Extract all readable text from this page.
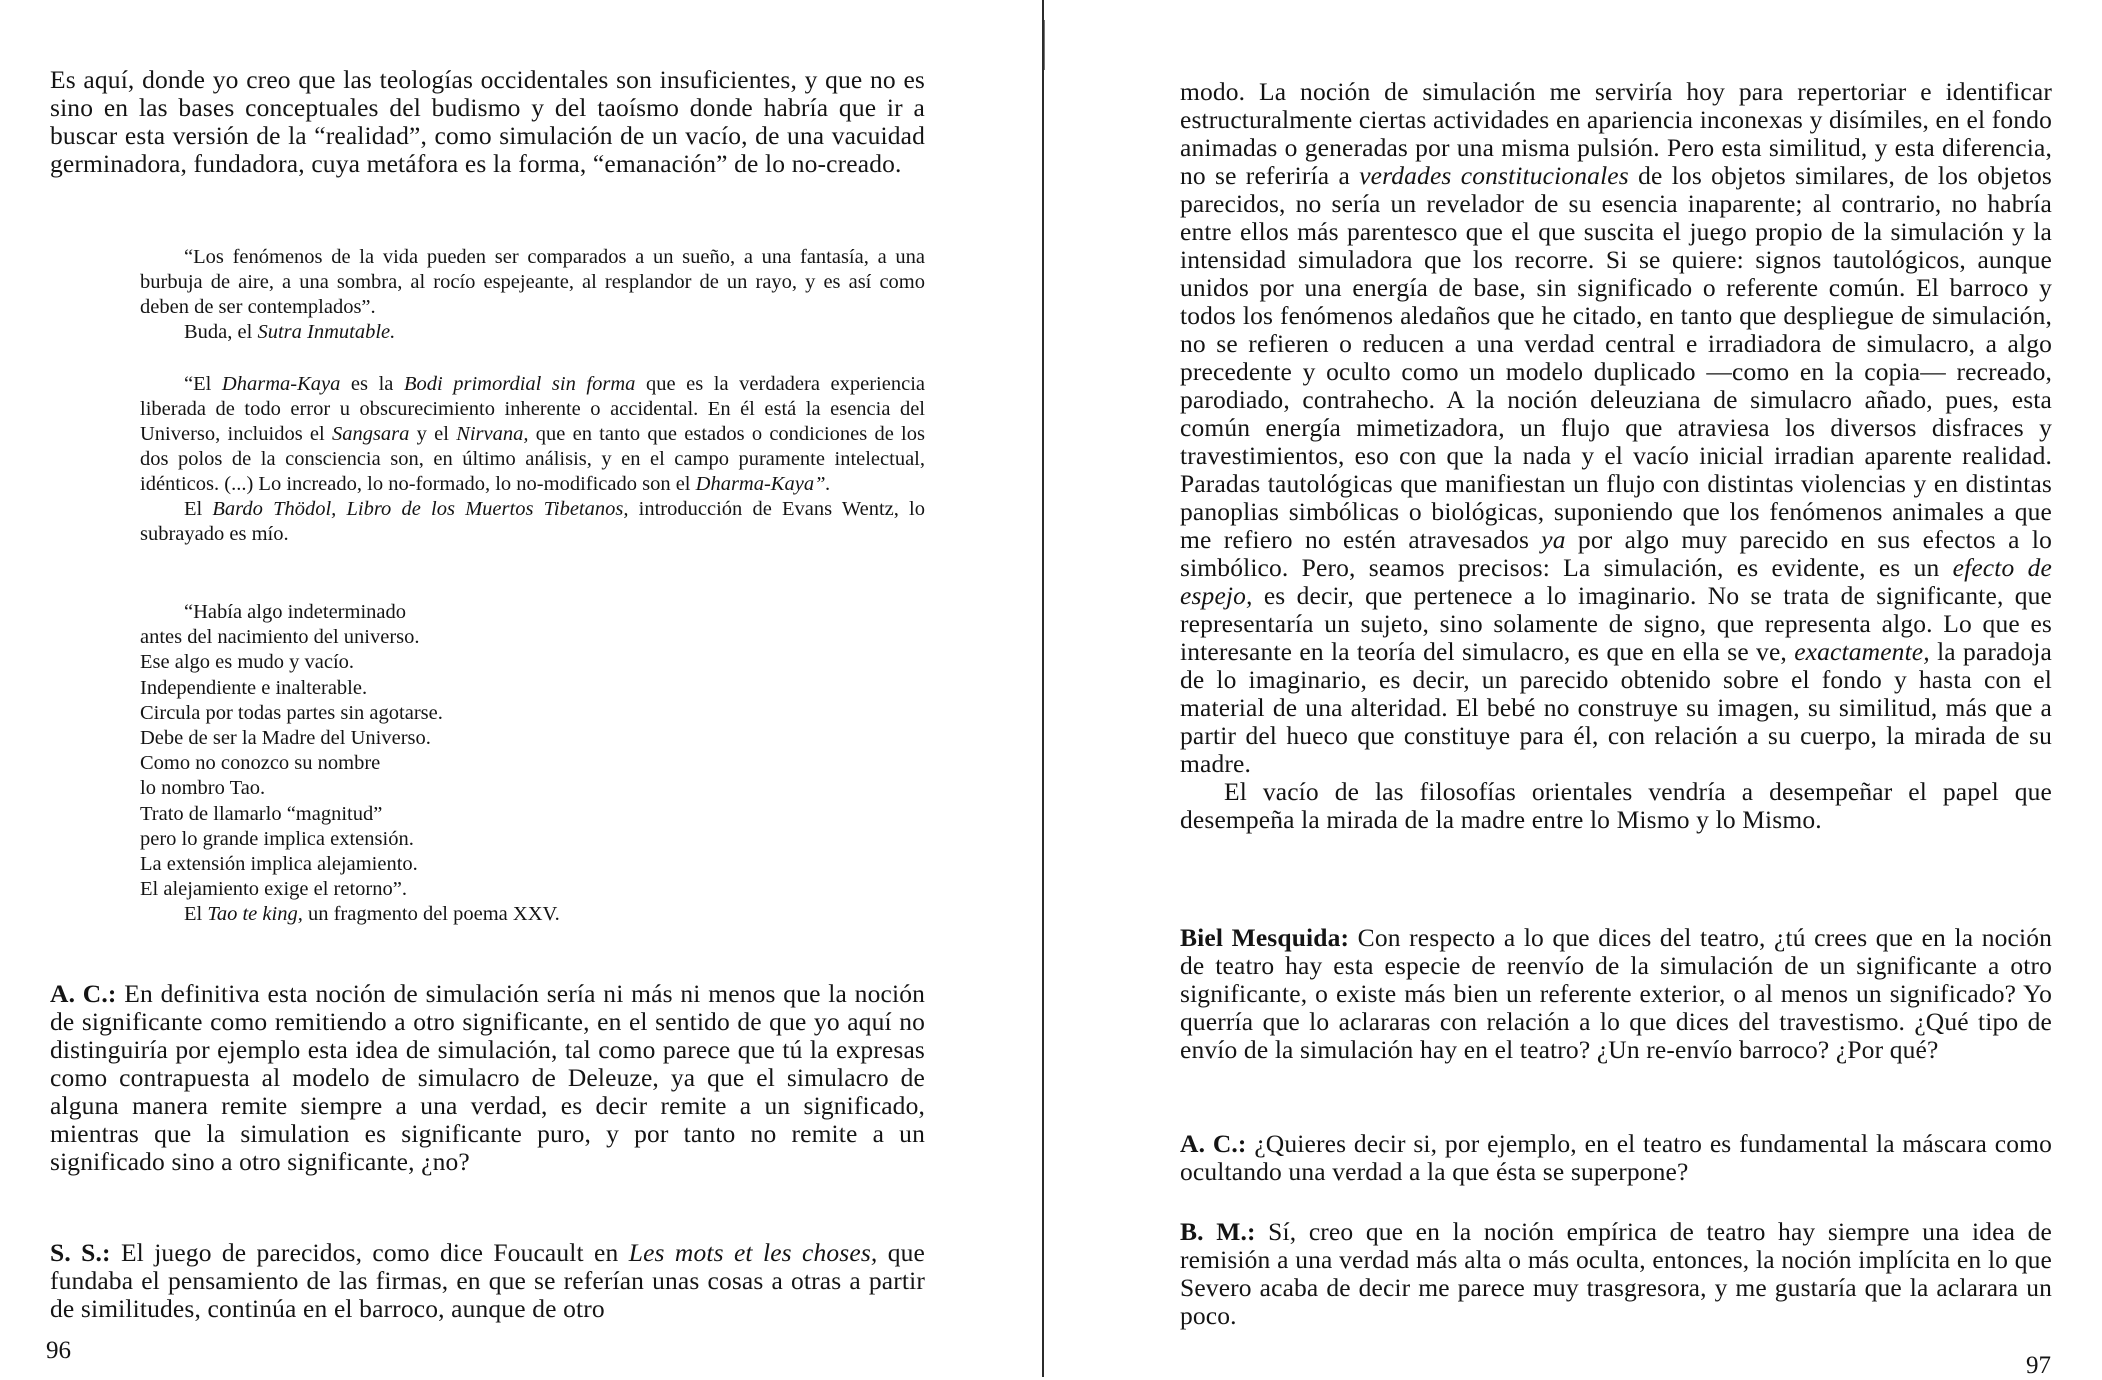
Es aquí, donde yo creo que las teologías occidentales son insuficientes, y que no es sino en las bases conceptuales del budismo y del taoísmo donde habría que ir a buscar esta versión de la “realidad”, como simulación de un vacío, de una vacuidad germinadora, fundadora, cuya metáfora es la forma, “emanación” de lo no-creado.

“Los fenómenos de la vida pueden ser comparados a un sueño, a una fantasía, a una burbuja de aire, a una sombra, al rocío espejeante, al resplandor de un rayo, y es así como deben de ser contemplados”.

Buda, el Sutra Inmutable.

“El Dharma-Kaya es la Bodi primordial sin forma que es la verdadera experiencia liberada de todo error u obscurecimiento inherente o accidental. En él está la esencia del Universo, incluidos el Sangsara y el Nirvana, que en tanto que estados o condiciones de los dos polos de la consciencia son, en último análisis, y en el campo puramente intelectual, idénticos. (...) Lo increado, lo no-formado, lo no-modificado son el Dharma-Kaya”.

El Bardo Thödol, Libro de los Muertos Tibetanos, introducción de Evans Wentz, lo subrayado es mío.

“Había algo indeterminado
antes del nacimiento del universo.
Ese algo es mudo y vacío.
Independiente e inalterable.
Circula por todas partes sin agotarse.
Debe de ser la Madre del Universo.
Como no conozco su nombre
lo nombro Tao.
Trato de llamarlo “magnitud”
pero lo grande implica extensión.
La extensión implica alejamiento.
El alejamiento exige el retorno”.

El Tao te king, un fragmento del poema XXV.

A. C.: En definitiva esta noción de simulación sería ni más ni menos que la noción de significante como remitiendo a otro significante, en el sentido de que yo aquí no distinguiría por ejemplo esta idea de simulación, tal como parece que tú la expresas como contrapuesta al modelo de simulacro de Deleuze, ya que el simulacro de alguna manera remite siempre a una verdad, es decir remite a un significado, mientras que la simulation es significante puro, y por tanto no remite a un significado sino a otro significante, ¿no?

S. S.: El juego de parecidos, como dice Foucault en Les mots et les choses, que fundaba el pensamiento de las firmas, en que se referían unas cosas a otras a partir de similitudes, continúa en el barroco, aunque de otro

96

modo. La noción de simulación me serviría hoy para repertoriar e identificar estructuralmente ciertas actividades en apariencia inconexas y disímiles, en el fondo animadas o generadas por una misma pulsión. Pero esta similitud, y esta diferencia, no se referiría a verdades constitucionales de los objetos similares, de los objetos parecidos, no sería un revelador de su esencia inaparente; al contrario, no habría entre ellos más parentesco que el que suscita el juego propio de la simulación y la intensidad simuladora que los recorre. Si se quiere: signos tautológicos, aunque unidos por una energía de base, sin significado o referente común. El barroco y todos los fenómenos aledaños que he citado, en tanto que despliegue de simulación, no se refieren o reducen a una verdad central e irradiadora de simulacro, a algo precedente y oculto como un modelo duplicado —como en la copia— recreado, parodiado, contrahecho. A la noción deleuziana de simulacro añado, pues, esta común energía mimetizadora, un flujo que atraviesa los diversos disfraces y travestimientos, eso con que la nada y el vacío inicial irradian aparente realidad. Paradas tautológicas que manifiestan un flujo con distintas violencias y en distintas panoplias simbólicas o biológicas, suponiendo que los fenómenos animales a que me refiero no estén atravesados ya por algo muy parecido en sus efectos a lo simbólico. Pero, seamos precisos: La simulación, es evidente, es un efecto de espejo, es decir, que pertenece a lo imaginario. No se trata de significante, que representaría un sujeto, sino solamente de signo, que representa algo. Lo que es interesante en la teoría del simulacro, es que en ella se ve, exactamente, la paradoja de lo imaginario, es decir, un parecido obtenido sobre el fondo y hasta con el material de una alteridad. El bebé no construye su imagen, su similitud, más que a partir del hueco que constituye para él, con relación a su cuerpo, la mirada de su madre.

El vacío de las filosofías orientales vendría a desempeñar el papel que desempeña la mirada de la madre entre lo Mismo y lo Mismo.

Biel Mesquida: Con respecto a lo que dices del teatro, ¿tú crees que en la noción de teatro hay esta especie de reenvío de la simulación de un significante a otro significante, o existe más bien un referente exterior, o al menos un significado? Yo querría que lo aclararas con relación a lo que dices del travestismo. ¿Qué tipo de envío de la simulación hay en el teatro? ¿Un re-envío barroco? ¿Por qué?

A. C.: ¿Quieres decir si, por ejemplo, en el teatro es fundamental la máscara como ocultando una verdad a la que ésta se superpone?

B. M.: Sí, creo que en la noción empírica de teatro hay siempre una idea de remisión a una verdad más alta o más oculta, entonces, la noción implícita en lo que Severo acaba de decir me parece muy trasgresora, y me gustaría que la aclarara un poco.

97
